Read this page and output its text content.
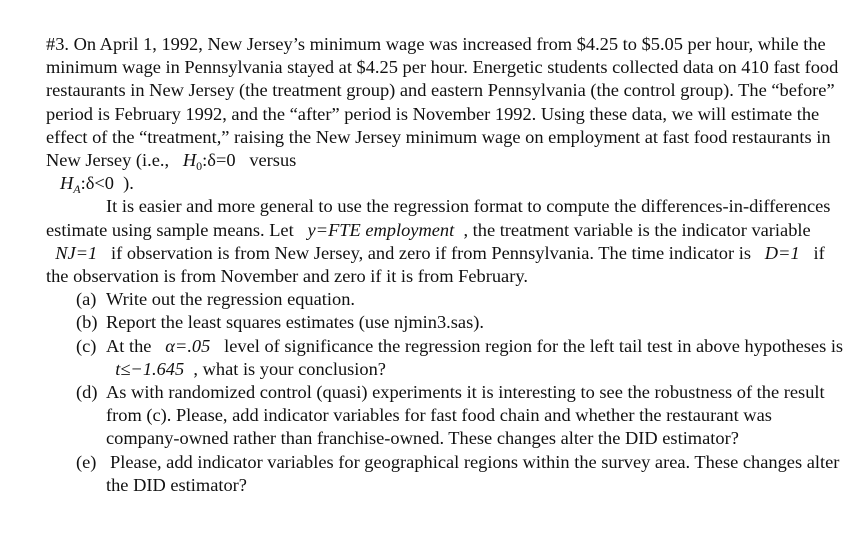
#3. On April 1, 1992, New Jersey’s minimum wage was increased from $4.25 to $5.05 per hour, while the minimum wage in Pennsylvania stayed at $4.25 per hour. Energetic students collected data on 410 fast food restaurants in New Jersey (the treatment group) and eastern Pennsylvania (the control group). The “before” period is February 1992, and the “after” period is November 1992. Using these data, we will estimate the effect of the “treatment,” raising the New Jersey minimum wage on employment at fast food restaurants in New Jersey (i.e., $H_0:\delta=0$ versus

$H_A:\delta<0$ ).

It is easier and more general to use the regression format to compute the differences-in-differences estimate using sample means. Let y=FTE employment , the treatment variable is the indicator variable   NJ=1 if observation is from New Jersey, and zero if from Pennsylvania. The time indicator is D=1 if the observation is from November and zero if it is from February.

(a) Write out the regression equation.
(b) Report the least squares estimates (use njmin3.sas).
(c) At the α=.05 level of significance the regression region for the left tail test in above hypotheses is   t≤−1.645 , what is your conclusion?
(d) As with randomized control (quasi) experiments it is interesting to see the robustness of the result from (c). Please, add indicator variables for fast food chain and whether the restaurant was company-owned rather than franchise-owned. These changes alter the DID estimator?
(e) Please, add indicator variables for geographical regions within the survey area. These changes alter the DID estimator?
